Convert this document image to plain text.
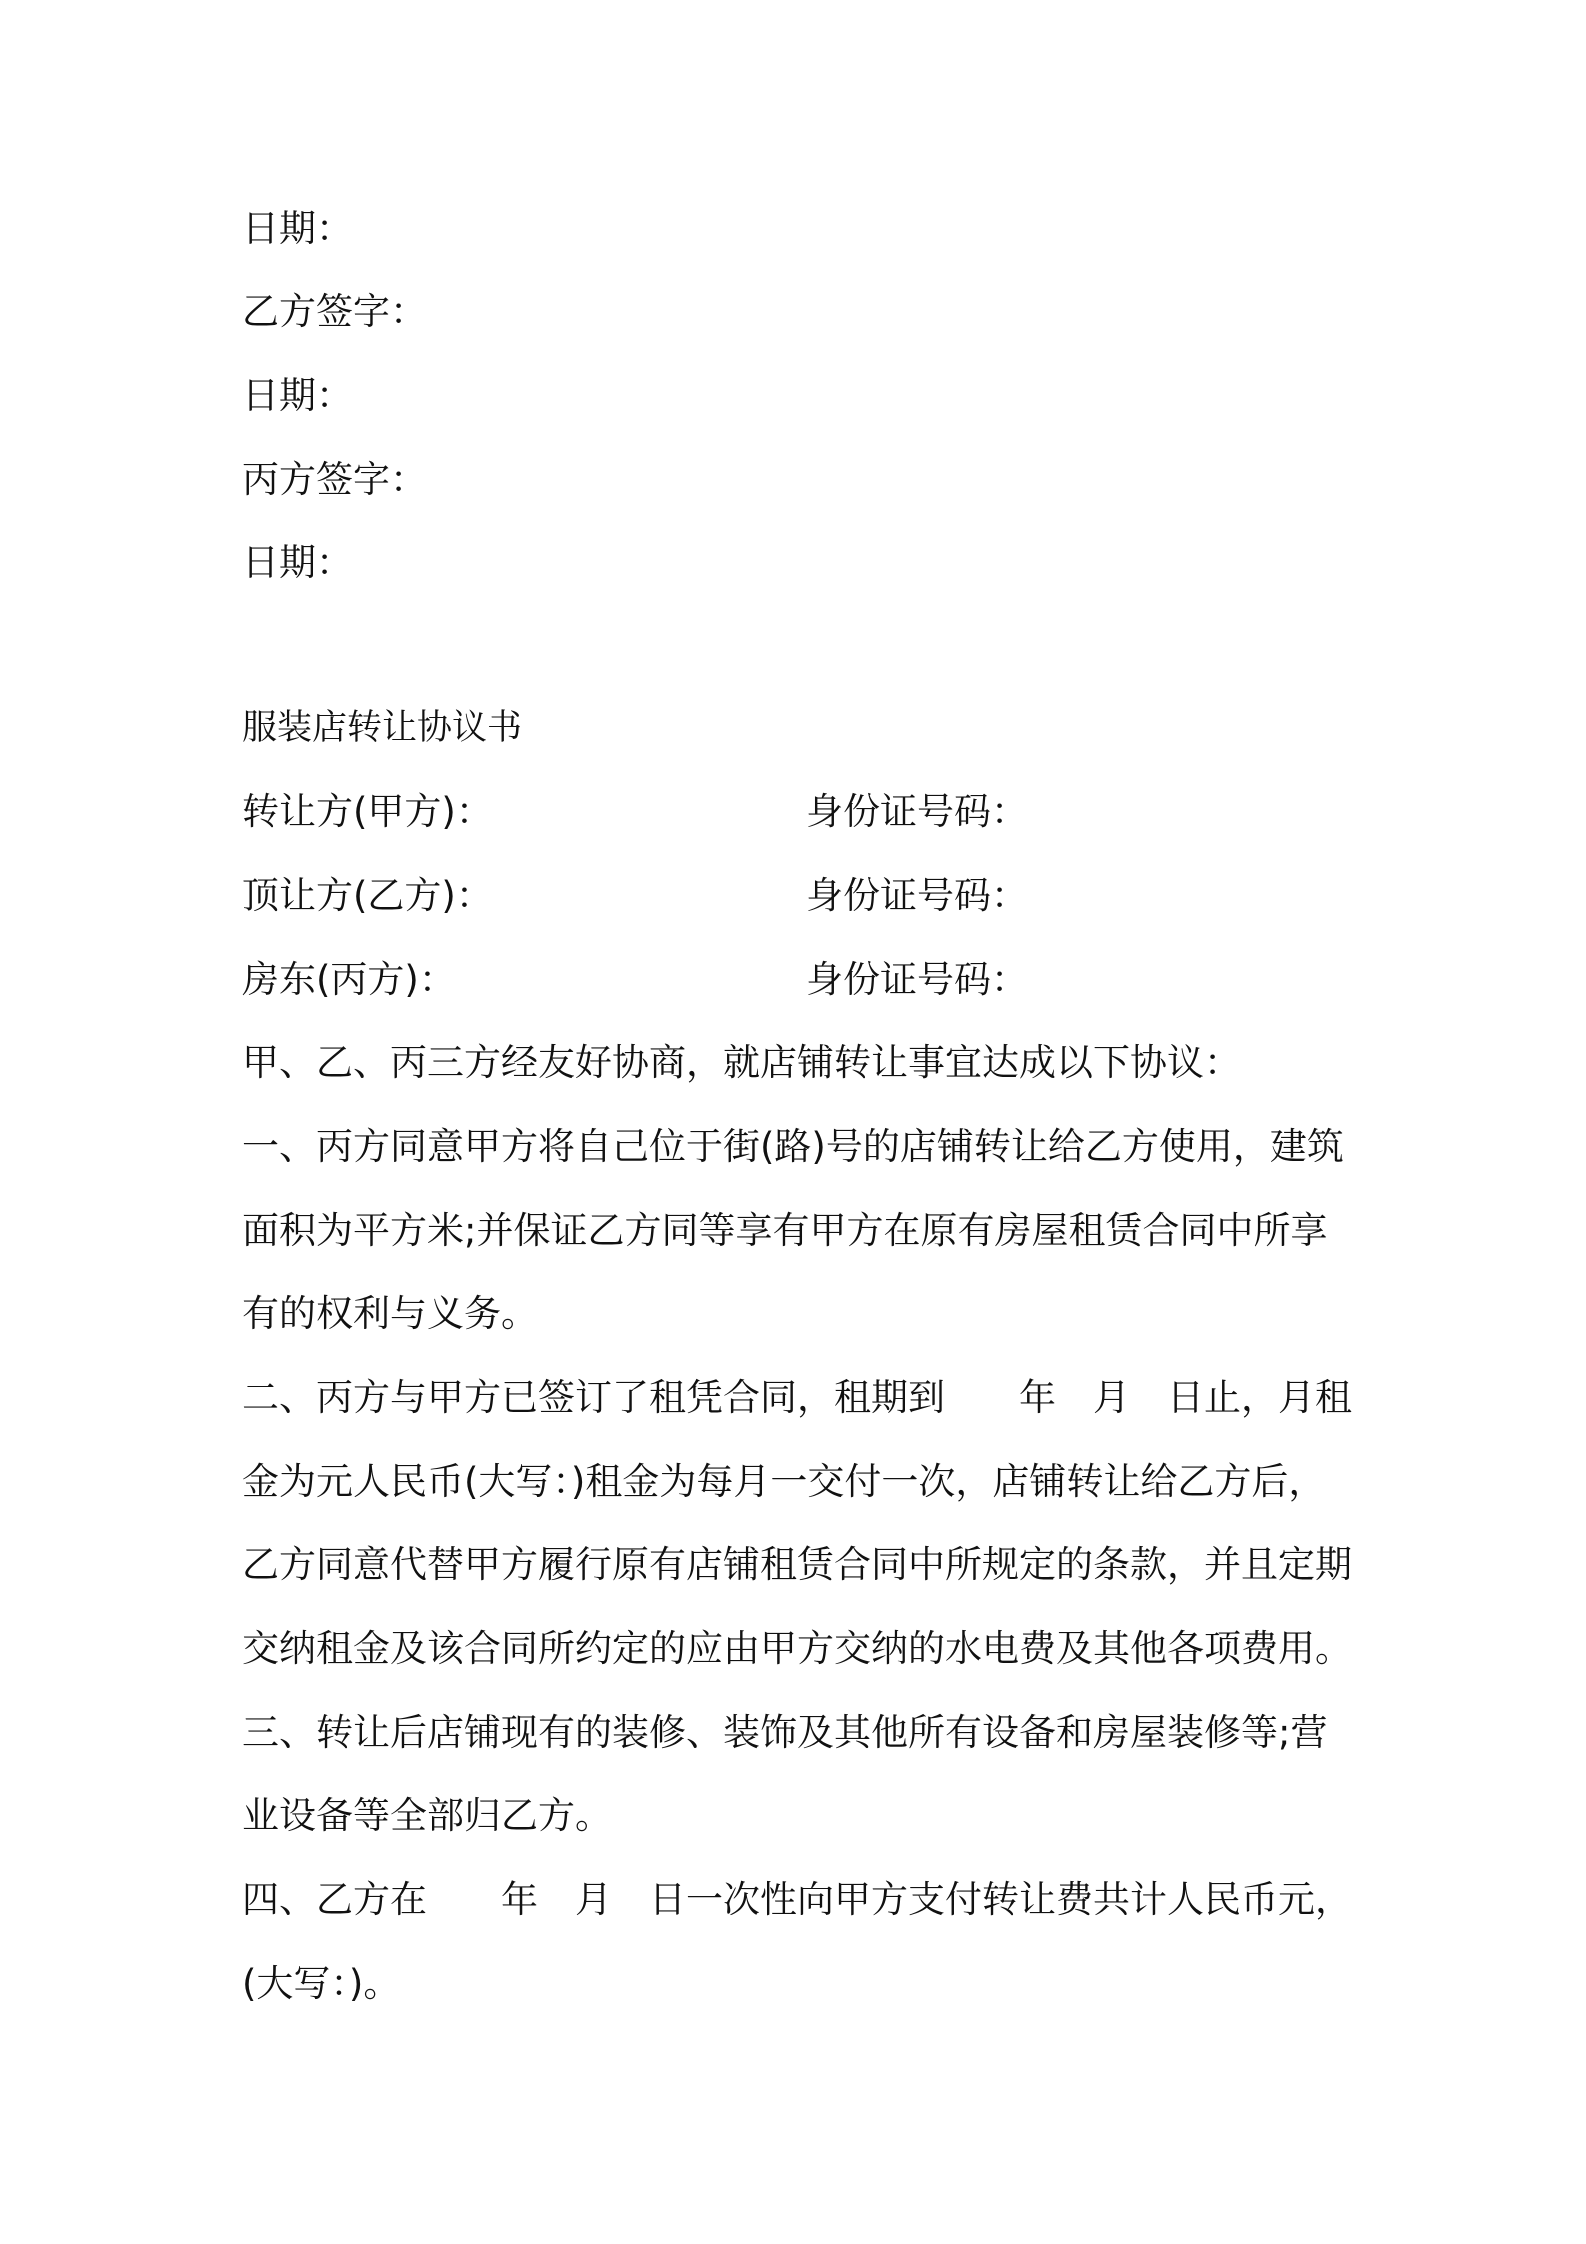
日期：

乙方签字：

日期：

丙方签字：

日期：

服装店转让协议书

转让方(甲方)：	身份证号码：
顶让方(乙方)：	身份证号码：
房东(丙方)：	身份证号码：

甲、乙、丙三方经友好协商，就店铺转让事宜达成以下协议：

一、丙方同意甲方将自己位于街(路)号的店铺转让给乙方使用，建筑

面积为平方米;并保证乙方同等享有甲方在原有房屋租赁合同中所享

有的权利与义务。

二、丙方与甲方已签订了租凭合同，租期到　　年　月　日止，月租

金为元人民币(大写：)租金为每月一交付一次，店铺转让给乙方后，

乙方同意代替甲方履行原有店铺租赁合同中所规定的条款，并且定期

交纳租金及该合同所约定的应由甲方交纳的水电费及其他各项费用。

三、转让后店铺现有的装修、装饰及其他所有设备和房屋装修等;营

业设备等全部归乙方。

四、乙方在　　年　月　日一次性向甲方支付转让费共计人民币元，

(大写：)。
